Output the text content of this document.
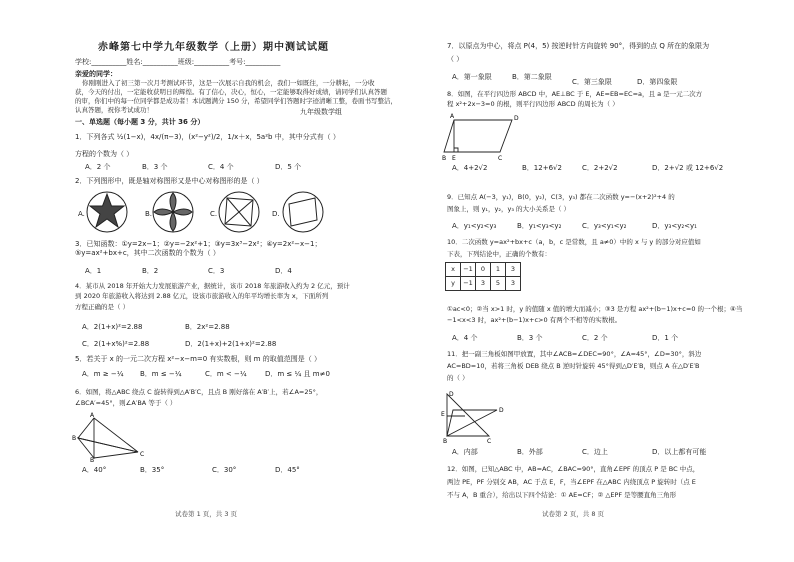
赤峰第七中学九年级数学（上册）期中测试试题
学校:__________姓名:__________班级:__________考号:__________
亲爱的同学：
你刚刚进入了初三第一次月考测试环节，这是一次展示自我的机会，我们一如既往，一分耕耘，一分收
获，今天的付出，一定能收获明日的辉煌。有了信心，决心，恒心，一定能够取得好成绩，请同学们认真答题
的审，你们中的每一位同学都是成功者！本试题满分 150 分，希望同学们答题时字迹清晰工整，卷面书写整洁，
认真答题，祝你考试成功！	九年级数学组
一、单选题（每小题 3 分，共计 36 分）
1．下列各式 ½(1−x)，4x/(π−3)，(x²−y²)/2，1/x＋x，5a²b 中，其中分式有（ ）
方程的个数为（ ）
A．2 个	B．3 个	C．4 个	D．5 个
2．下列图形中，既是轴对称图形又是中心对称图形的是（ ）
A.	B.	C.	D.
3．已知函数：①y=2x−1；②y=−2x²+1；③y=3x³−2x²；④y=2x²−x−1；⑤y=ax²+bx+c，其中二次函数的个数为（ ）
A．1	B．2	C．3	D．4
4．某市从 2018 年开始大力发展旅游产业，据统计，该市 2018 年旅游收入约为 2 亿元，预计
到 2020 年旅游收入将达到 2.88 亿元，设该市旅游收入的年平均增长率为 x，下面所列
方程正确的是（ ）
A．2(1+x)²=2.88	B．2x²=2.88
C．2(1+x%)²=2.88	D．2(1+x)+2(1+x)²=2.88
5．若关于 x 的一元二次方程 x²−x−m=0 有实数根，则 m 的取值范围是（ ）
A．m ≥ −¼ B．m ≤ −¼	C．m < −¼	D．m ≤ ¼ 且 m≠0
6．如图，将△ABC 绕点 C 旋转得到△A′B′C，且点 B 刚好落在 A′B′上，若∠A=25°，
∠BCA′=45°，则∠A′BA 等于（ ）
B
A
C
B′
A．40°	B．35°	C．30°	D．45°
试卷第 1 页，共 3 页
7．以原点为中心，将点 P(4，5) 按逆时针方向旋转 90°，得到的点 Q 所在的象限为
（ ）
A．第一象限	B．第二象限
C．第三象限	D．第四象限
8．如图，在平行四边形 ABCD 中，AE⊥BC 于 E，AE=EB=EC=a，且 a 是一元二次方
程 x²+2x−3=0 的根，则平行四边形 ABCD 的周长为（ ）
A	D
B E	C
A．4+2√2	B．12+6√2	C．2+2√2	D．2+√2 或 12+6√2
9．已知点 A(−3，y₁)，B(0，y₂)，C(3，y₃) 都在二次函数 y=−(x+2)²+4 的
图象上，则 y₁，y₂，y₃ 的大小关系是（ ）
A．y₁<y₂<y₃	B．y₁<y₃<y₂	C．y₃<y₁<y₂	D．y₃<y₂<y₁
10．二次函数 y=ax²+bx+c（a，b，c 是常数，且 a≠0）中的 x 与 y 的部分对应值如
下表，下列结论中，正确的个数有：
x	−1	0	1	3
y	−1	3	5	3
①ac<0；②当 x>1 时，y 的值随 x 值的增大而减小；③3 是方程 ax²+(b−1)x+c=0 的一个根；④当
−1<x<3 时，ax²+(b−1)x+c>0 有两个不相等的实数根。
A．4 个	B．3 个	C．2 个	D．1 个
11．把一副三角板如图甲放置，其中∠ACB=∠DEC=90°，∠A=45°，∠D=30°，斜边
AC=BD=10，若将三角板 DEB 绕点 B 逆时针旋转 45°得到△D′E′B，则点 A 在△D′E′B
的（ ）
D
D
E
B	C
A．内部	B．外部	C．边上	D．以上都有可能
12．如图，已知△ABC 中，AB=AC，∠BAC=90°，直角∠EPF 的顶点 P 是 BC 中点，
两边 PE，PF 分别交 AB，AC 于点 E，F，当∠EPF 在△ABC 内绕顶点 P 旋转时（点 E
不与 A，B 重合），给出以下四个结论：① AE=CF；② △EPF 是等腰直角三角形
试卷第 2 页，共 8 页
